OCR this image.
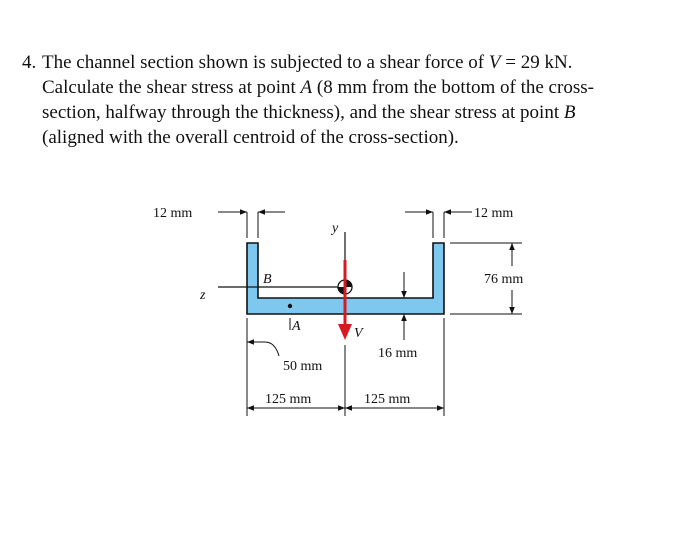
4. The channel section shown is subjected to a shear force of V = 29 kN.
Calculate the shear stress at point A (8 mm from the bottom of the cross-
section, halfway through the thickness), and the shear stress at point B
(aligned with the overall centroid of the cross-section).
z
y
V
B
A
12 mm	12 mm
76 mm
16 mm
50 mm
125 mm	125 mm
